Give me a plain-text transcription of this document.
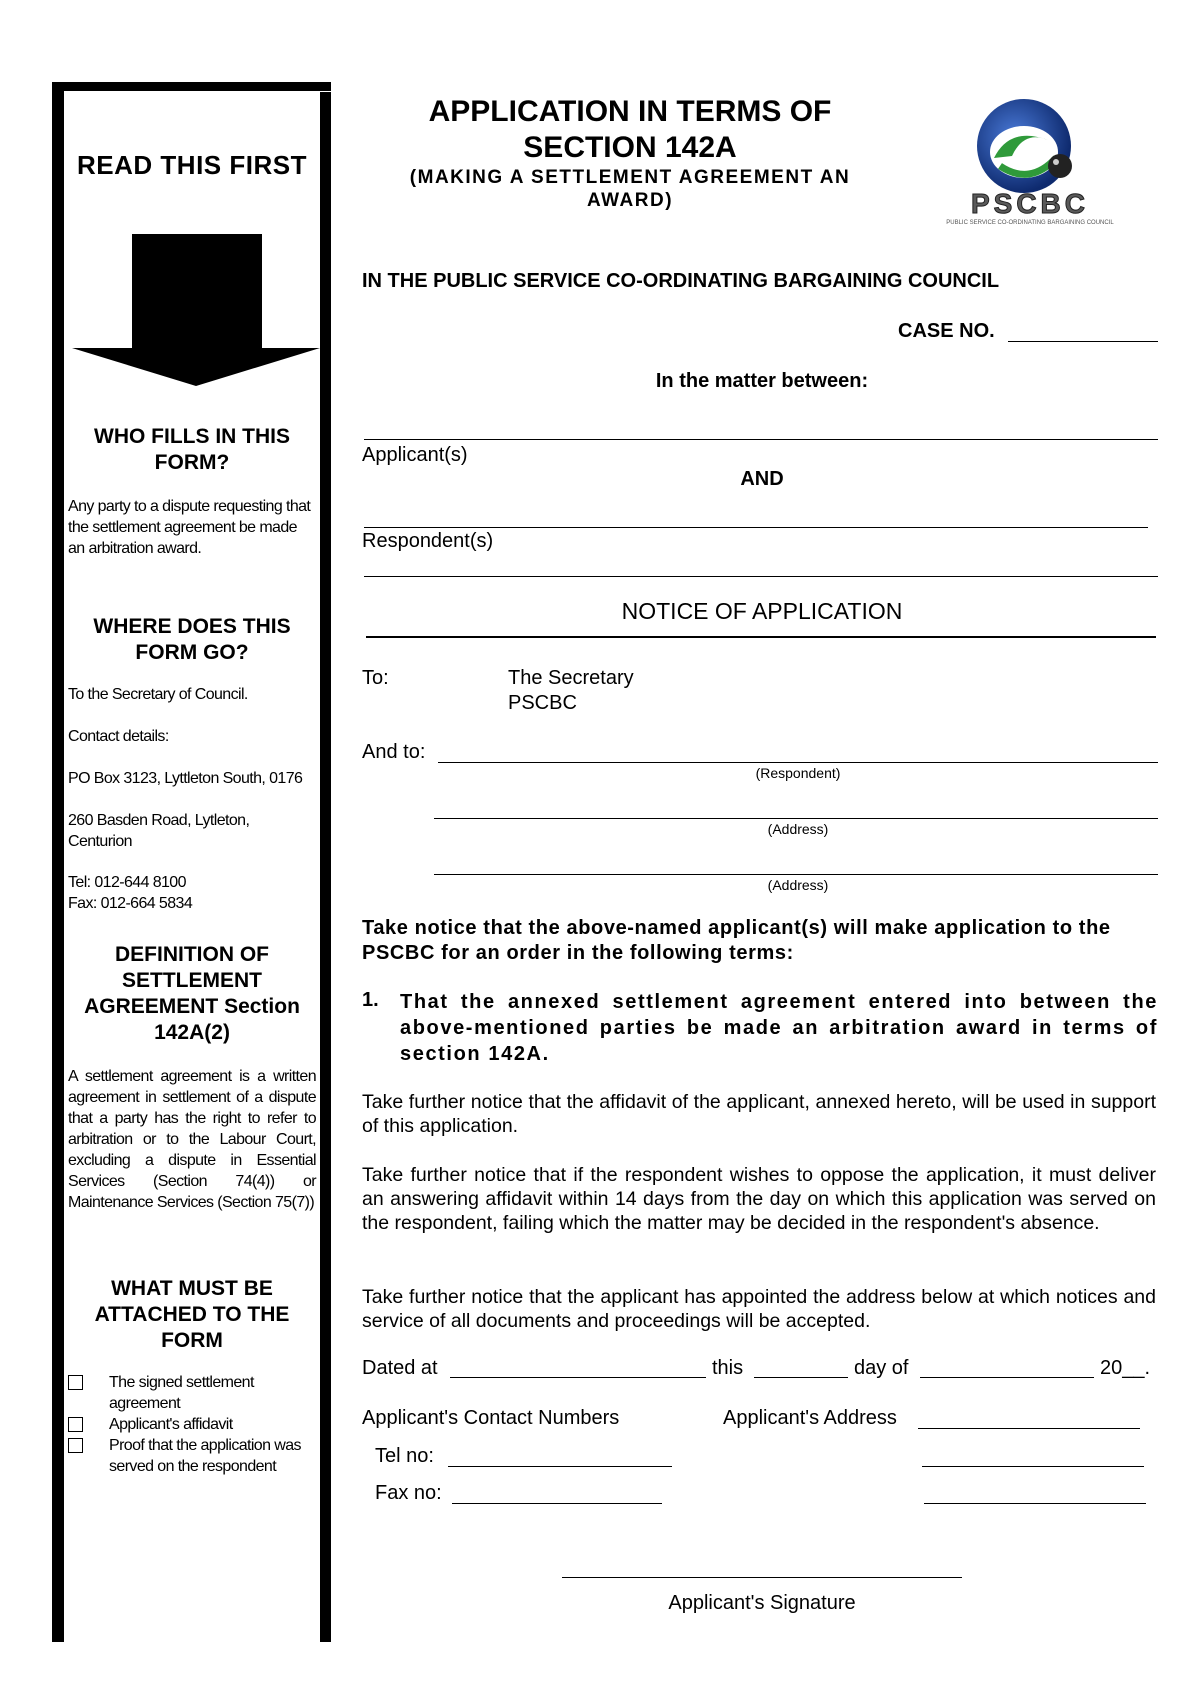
READ THIS FIRST
WHO FILLS IN THIS FORM?
Any party to a dispute requesting that the settlement agreement be made an arbitration award.
WHERE DOES THIS FORM GO?
To the Secretary of Council.
Contact details:
PO Box 3123, Lyttleton South, 0176
260 Basden Road, Lytleton, Centurion
Tel: 012-644 8100
Fax: 012-664 5834
DEFINITION OF SETTLEMENT AGREEMENT Section 142A(2)
A settlement agreement is a written agreement in settlement of a dispute that a party has the right to refer to arbitration or to the Labour Court, excluding a dispute in Essential Services (Section 74(4)) or Maintenance Services (Section 75(7))
WHAT MUST BE ATTACHED TO THE FORM
The signed settlement agreement
Applicant's affidavit
Proof that the application was served on the respondent
APPLICATION IN TERMS OF SECTION 142A
(MAKING A SETTLEMENT AGREEMENT AN AWARD)	PSCBC
PUBLIC SERVICE CO-ORDINATING BARGAINING COUNCIL
IN THE PUBLIC SERVICE CO-ORDINATING BARGAINING COUNCIL
CASE NO.
In the matter between:
Applicant(s)
AND
Respondent(s)
NOTICE OF APPLICATION
To:	The Secretary
PSCBC
And to:
(Respondent)
(Address)
(Address)
Take notice that the above-named applicant(s) will make application to the PSCBC for an order in the following terms:
1. That the annexed settlement agreement entered into between the above-mentioned parties be made an arbitration award in terms of section 142A.
Take further notice that the affidavit of the applicant, annexed hereto, will be used in support of this application.
Take further notice that if the respondent wishes to oppose the application, it must deliver an answering affidavit within 14 days from the day on which this application was served on the respondent, failing which the matter may be decided in the respondent's absence.
Take further notice that the applicant has appointed the address below at which notices and service of all documents and proceedings will be accepted.
Dated at	this	day of	20__.
Applicant's Contact Numbers	Applicant's Address
Tel no:
Fax no:
Applicant's Signature
